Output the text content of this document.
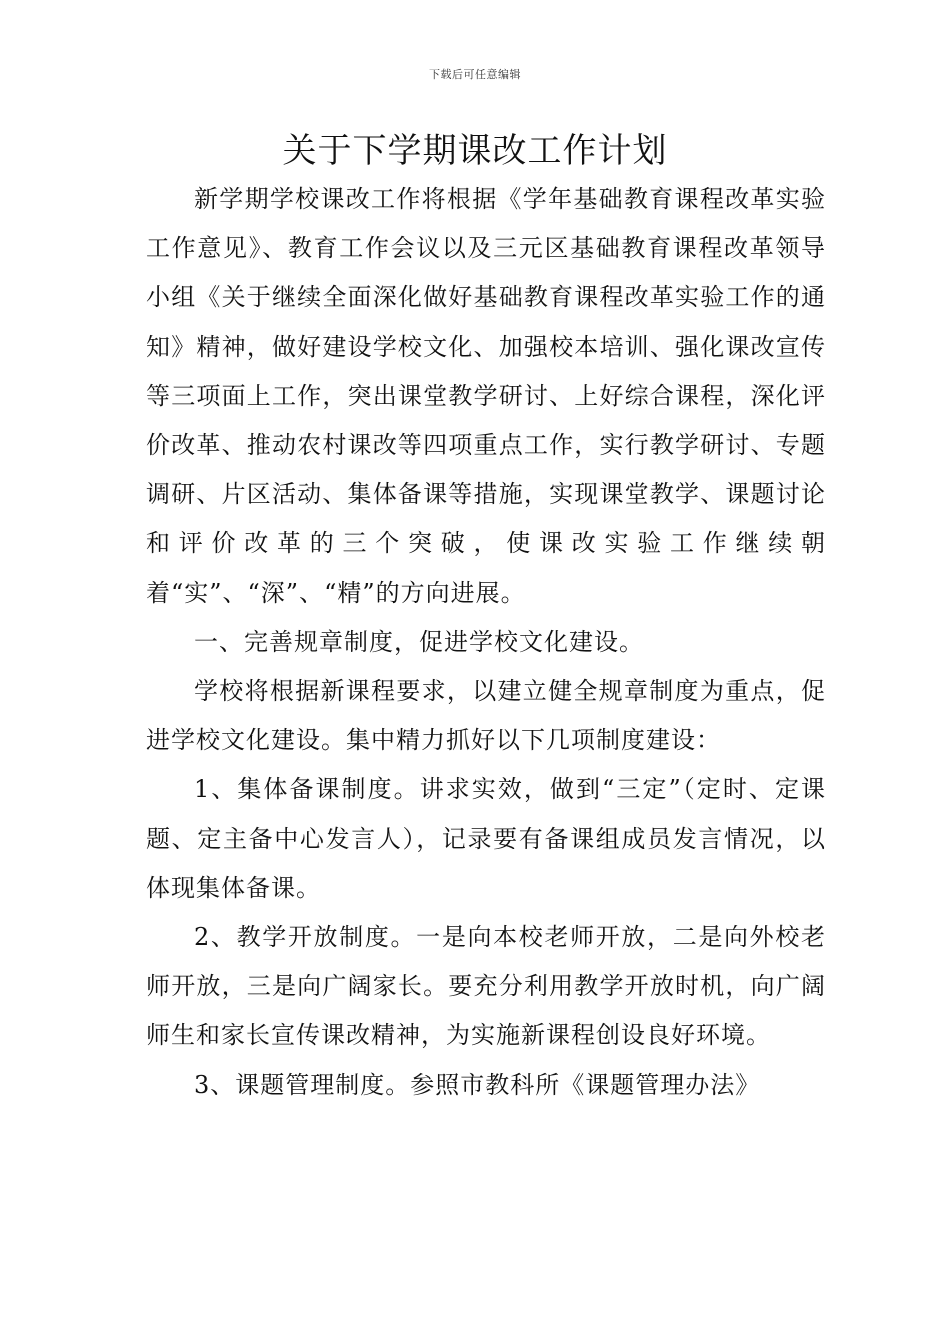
下载后可任意编辑
关于下学期课改工作计划

新学期学校课改工作将根据《学年基础教育课程改革实验工作意见》、教育工作会议以及三元区基础教育课程改革领导小组《关于继续全面深化做好基础教育课程改革实验工作的通知》精神，做好建设学校文化、加强校本培训、强化课改宣传等三项面上工作，突出课堂教学研讨、上好综合课程，深化评价改革、推动农村课改等四项重点工作，实行教学研讨、专题调研、片区活动、集体备课等措施，实现课堂教学、课题讨论和评价改革的三个突破，使课改实验工作继续朝着“实”、“深”、“精”的方向进展。

一、完善规章制度，促进学校文化建设。

学校将根据新课程要求，以建立健全规章制度为重点，促进学校文化建设。集中精力抓好以下几项制度建设：

1、集体备课制度。讲求实效，做到“三定”（定时、定课题、定主备中心发言人），记录要有备课组成员发言情况，以体现集体备课。

2、教学开放制度。一是向本校老师开放，二是向外校老师开放，三是向广阔家长。要充分利用教学开放时机，向广阔师生和家长宣传课改精神，为实施新课程创设良好环境。

3、课题管理制度。参照市教科所《课题管理办法》
